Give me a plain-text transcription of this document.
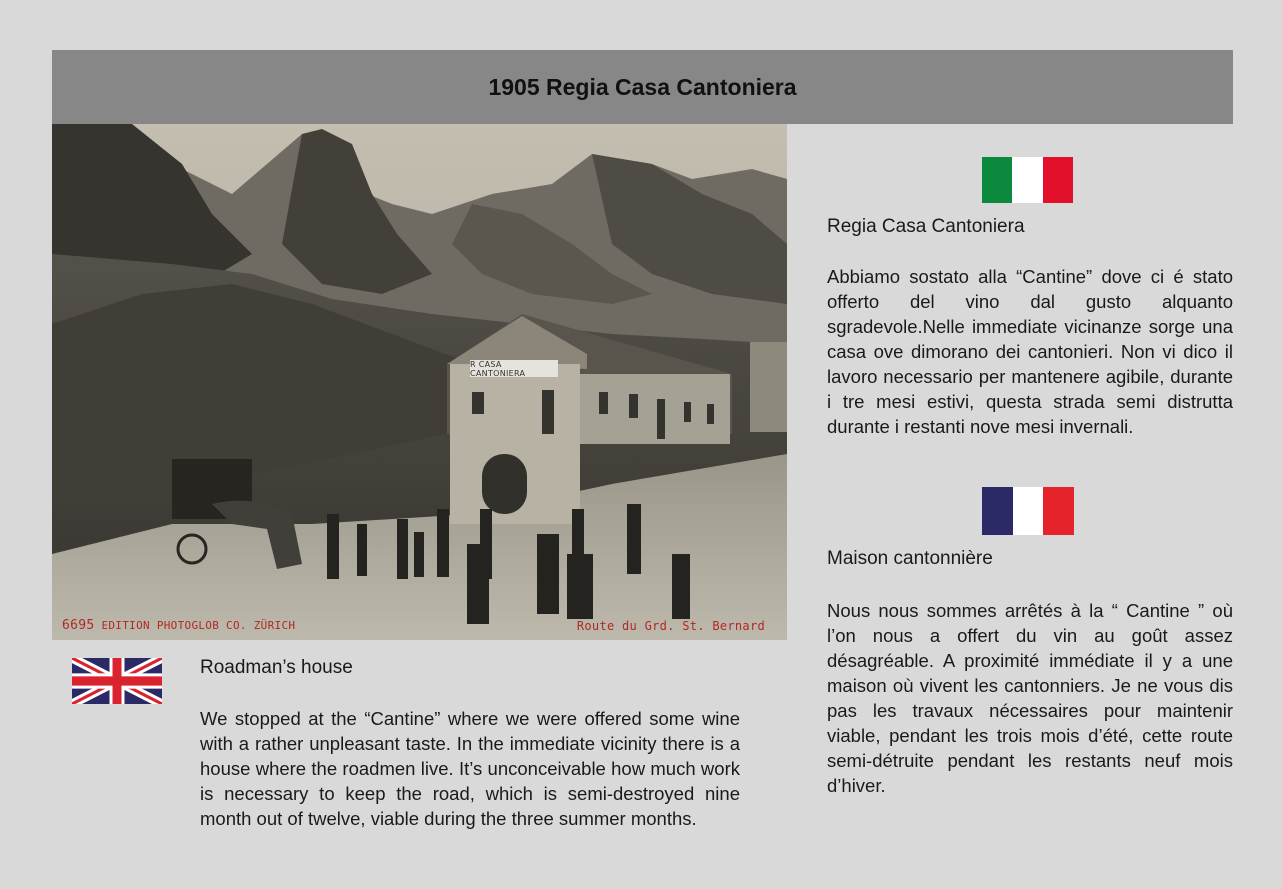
1905 Regia Casa Cantoniera
R CASA CANTONIERA
6695 EDITION PHOTOGLOB CO. ZÜRICH	Route du Grd. St. Bernard
Roadman’s house

We stopped at the “Cantine” where we were offered some wine with a rather unpleasant taste. In the immediate vicinity there is a house where the roadmen live. It’s unconceivable how much work is necessary to keep the road, which is semi-destroyed nine month out of twelve, viable during the three summer months.

Regia Casa Cantoniera

Abbiamo sostato alla “Cantine” dove ci é stato offerto del vino dal gusto alquanto sgradevole.Nelle immediate vicinanze sorge una casa ove dimorano dei cantonieri. Non vi dico il lavoro necessario per mantenere agibile, durante i tre mesi estivi, questa strada semi distrutta durante i restanti nove mesi invernali.

Maison cantonnière

Nous nous sommes arrêtés à la “ Cantine ” où l’on nous a offert du vin au goût assez désagréable. A proximité immédiate il y a une maison où vivent les cantonniers. Je ne vous dis pas les travaux nécessaires pour maintenir viable, pendant les trois mois d’été, cette route semi-détruite pendant les restants neuf mois d’hiver.
